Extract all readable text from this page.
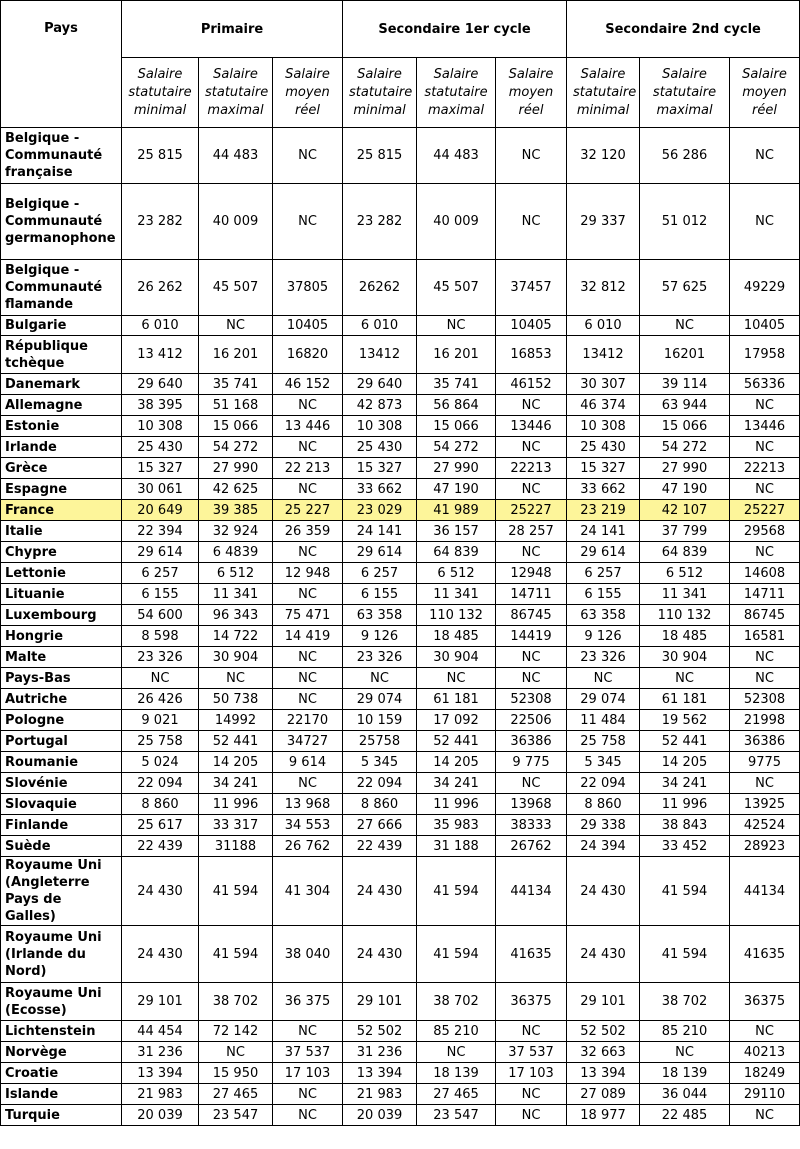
Pays	Primaire			Secondaire 1er cycle			Secondaire 2nd cycle		
	Salaire
statutaire
minimal	Salaire
statutaire
maximal	Salaire
moyen
réel	Salaire
statutaire
minimal	Salaire
statutaire
maximal	Salaire
moyen
réel	Salaire
statutaire
minimal	Salaire
statutaire
maximal	Salaire
moyen
réel
Belgique - Communauté française	25 815	44 483	NC	25 815	44 483	NC	32 120	56 286	NC
Belgique - Communauté germanophone	23 282	40 009	NC	23 282	40 009	NC	29 337	51 012	NC
Belgique - Communauté flamande	26 262	45 507	37805	26262	45 507	37457	32 812	57 625	49229
Bulgarie	6 010	NC	10405	6 010	NC	10405	6 010	NC	10405
République tchèque	13 412	16 201	16820	13412	16 201	16853	13412	16201	17958
Danemark	29 640	35 741	46 152	29 640	35 741	46152	30 307	39 114	56336
Allemagne	38 395	51 168	NC	42 873	56 864	NC	46 374	63 944	NC
Estonie	10 308	15 066	13 446	10 308	15 066	13446	10 308	15 066	13446
Irlande	25 430	54 272	NC	25 430	54 272	NC	25 430	54 272	NC
Grèce	15 327	27 990	22 213	15 327	27 990	22213	15 327	27 990	22213
Espagne	30 061	42 625	NC	33 662	47 190	NC	33 662	47 190	NC
France	20 649	39 385	25 227	23 029	41 989	25227	23 219	42 107	25227
Italie	22 394	32 924	26 359	24 141	36 157	28 257	24 141	37 799	29568
Chypre	29 614	6 4839	NC	29 614	64 839	NC	29 614	64 839	NC
Lettonie	6 257	6 512	12 948	6 257	6 512	12948	6 257	6 512	14608
Lituanie	6 155	11 341	NC	6 155	11 341	14711	6 155	11 341	14711
Luxembourg	54 600	96 343	75 471	63 358	110 132	86745	63 358	110 132	86745
Hongrie	8 598	14 722	14 419	9 126	18 485	14419	9 126	18 485	16581
Malte	23 326	30 904	NC	23 326	30 904	NC	23 326	30 904	NC
Pays-Bas	NC	NC	NC	NC	NC	NC	NC	NC	NC
Autriche	26 426	50 738	NC	29 074	61 181	52308	29 074	61 181	52308
Pologne	9 021	14992	22170	10 159	17 092	22506	11 484	19 562	21998
Portugal	25 758	52 441	34727	25758	52 441	36386	25 758	52 441	36386
Roumanie	5 024	14 205	9 614	5 345	14 205	9 775	5 345	14 205	9775
Slovénie	22 094	34 241	NC	22 094	34 241	NC	22 094	34 241	NC
Slovaquie	8 860	11 996	13 968	8 860	11 996	13968	8 860	11 996	13925
Finlande	25 617	33 317	34 553	27 666	35 983	38333	29 338	38 843	42524
Suède	22 439	31188	26 762	22 439	31 188	26762	24 394	33 452	28923
Royaume Uni (Angleterre Pays de Galles)	24 430	41 594	41 304	24 430	41 594	44134	24 430	41 594	44134
Royaume Uni (Irlande du Nord)	24 430	41 594	38 040	24 430	41 594	41635	24 430	41 594	41635
Royaume Uni (Ecosse)	29 101	38 702	36 375	29 101	38 702	36375	29 101	38 702	36375
Lichtenstein	44 454	72 142	NC	52 502	85 210	NC	52 502	85 210	NC
Norvège	31 236	NC	37 537	31 236	NC	37 537	32 663	NC	40213
Croatie	13 394	15 950	17 103	13 394	18 139	17 103	13 394	18 139	18249
Islande	21 983	27 465	NC	21 983	27 465	NC	27 089	36 044	29110
Turquie	20 039	23 547	NC	20 039	23 547	NC	18 977	22 485	NC
